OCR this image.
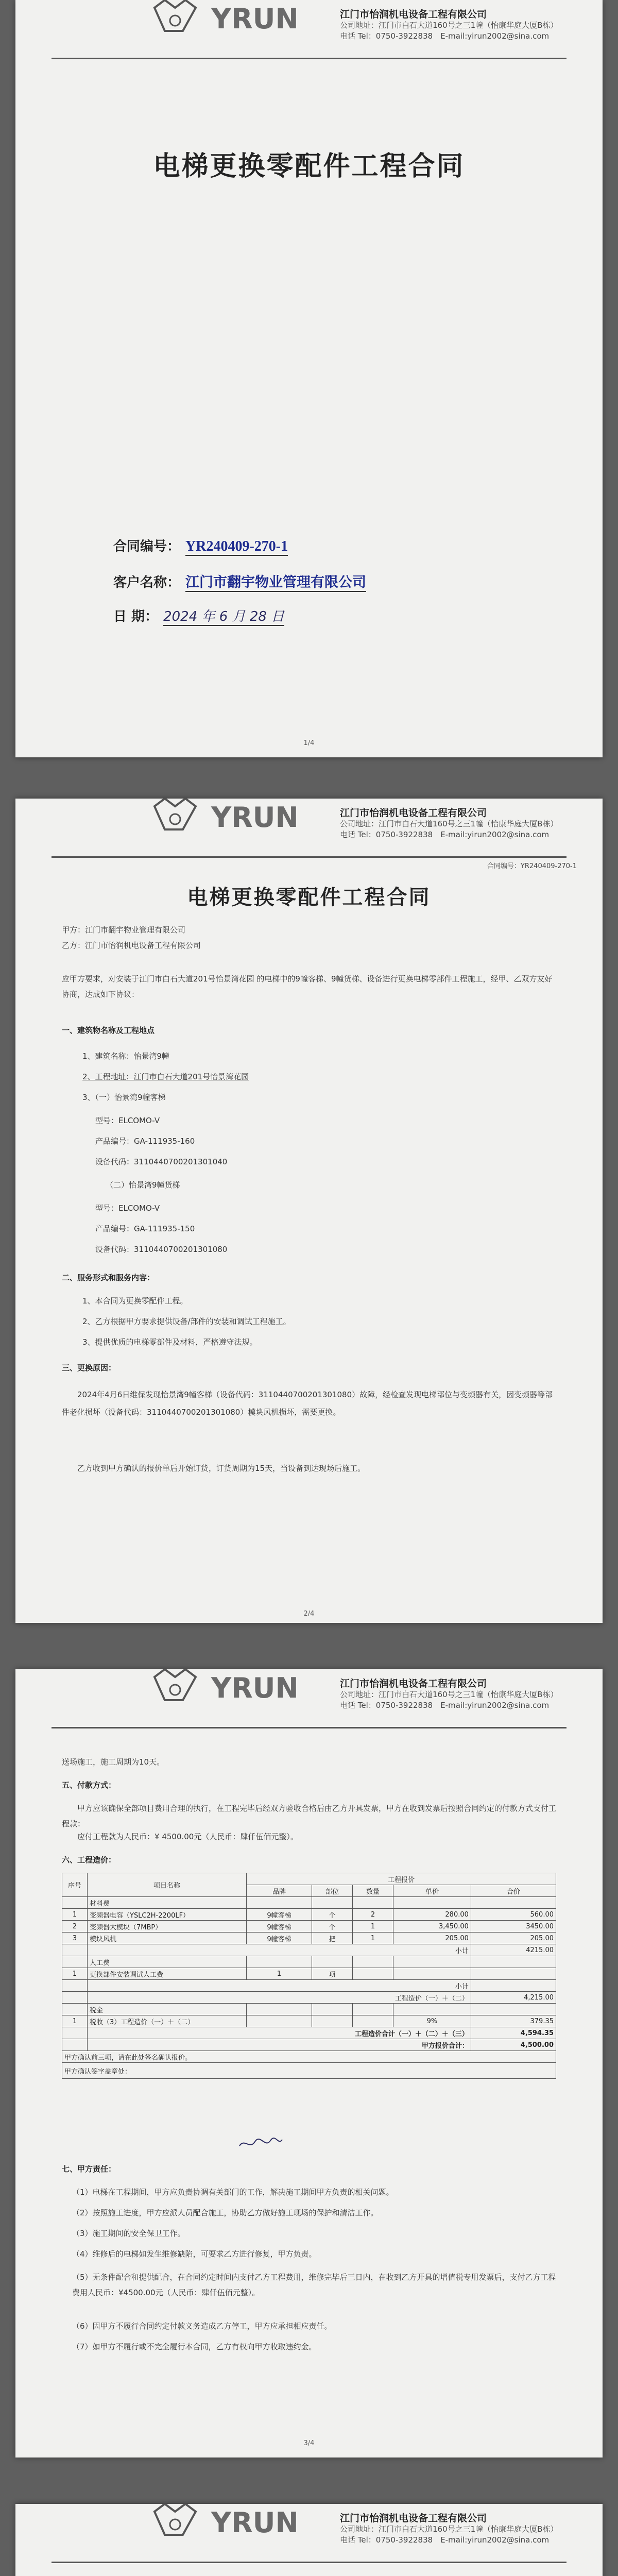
YRUN	江门市怡润机电设备工程有限公司
公司地址：江门市白石大道160号之三1幢（怡康华庭大厦B栋）
电话 Tel：0750-3922838　 E-mail:yirun2002@sina.com
电梯更换零配件工程合同
合同编号： YR240409-270-1
客户名称： 江门市翻宇物业管理有限公司
日 期： 2024 年 6 月 28 日
1/4
YRUN	江门市怡润机电设备工程有限公司
公司地址：江门市白石大道160号之三1幢（怡康华庭大厦B栋）
电话 Tel：0750-3922838　 E-mail:yirun2002@sina.com
合同编号：YR240409-270-1
电梯更换零配件工程合同
甲方：江门市翻宇物业管理有限公司
乙方：江门市怡润机电设备工程有限公司
应甲方要求，对安装于江门市白石大道201号怡景湾花园 的电梯中的9幢客梯、9幢货梯、设备进行更换电梯零部件工程施工，经甲、乙双方友好协商，达成如下协议：
一、建筑物名称及工程地点
1、建筑名称：怡景湾9幢
2、工程地址：江门市白石大道201号怡景湾花园
3、（一）怡景湾9幢客梯
型号：ELCOMO-V
产品编号：GA-111935-160
设备代码：3110440700201301040
（二）怡景湾9幢货梯
型号：ELCOMO-V
产品编号：GA-111935-150
设备代码：3110440700201301080
二、服务形式和服务内容：
1、本合同为更换零配件工程。
2、乙方根据甲方要求提供设备/部件的安装和调试工程施工。
3、提供优质的电梯零部件及材料，严格遵守法规。
三、更换原因：
2024年4月6日维保发现怡景湾9幢客梯（设备代码：3110440700201301080）故障，经检查发现电梯部位与变频器有关，因变频器等部件老化损坏（设备代码：3110440700201301080）模块风机损坏，需要更换。
乙方收到甲方确认的报价单后开始订货，订货周期为15天，当设备到达现场后施工。
2/4
YRUN	江门市怡润机电设备工程有限公司
公司地址：江门市白石大道160号之三1幢（怡康华庭大厦B栋）
电话 Tel：0750-3922838　 E-mail:yirun2002@sina.com
送场施工，施工周期为10天。
五、付款方式：
甲方应该确保全部项目费用合理的执行，在工程完毕后经双方验收合格后由乙方开具发票，甲方在收到发票后按照合同约定的付款方式支付工程款：
应付工程款为人民币：¥ 4500.00元（人民币：肆仟伍佰元整）。
六、工程造价：
序号	项目名称	工程报价				
		品牌	部位	数量	单价	合价
	材料费					
1	变频器电容（YSLC2H-2200LF）	9幢客梯	个	2	280.00	560.00
2	变频器大模块（7MBP）	9幢客梯	个	1	3,450.00	3450.00
3	模块风机	9幢客梯	把	1	205.00	205.00
	小计					4215.00
	人工费					
1	更换部件安装调试人工费	1	项			
	小计					
	工程造价（一）＋（二）					4,215.00
	税金					
1	税收（3）工程造价（一）＋（二）				9%	379.35
	工程造价合计（一）＋（二）＋（三）					4,594.35
	甲方报价合计：					4,500.00
甲方确认前三项，请在此处签名确认报价。						
甲方确认签字盖章处：						
七、甲方责任：
（1）电梯在工程期间，甲方应负责协调有关部门的工作，解决施工期间甲方负责的相关问题。
（2）按照施工进度，甲方应派人员配合施工，协助乙方做好施工现场的保护和清洁工作。
（3）施工期间的安全保卫工作。
（4）维修后的电梯如发生维修缺陷，可要求乙方进行修复，甲方负责。
（5）无条件配合和提供配合，在合同约定时间内支付乙方工程费用，维修完毕后三日内，在收到乙方开具的增值税专用发票后，支付乙方工程费用人民币：¥4500.00元（人民币：肆仟伍佰元整）。
（6）因甲方不履行合同约定付款义务造成乙方停工，甲方应承担相应责任。
（7）如甲方不履行或不完全履行本合同，乙方有权向甲方收取违约金。
3/4
YRUN	江门市怡润机电设备工程有限公司
公司地址：江门市白石大道160号之三1幢（怡康华庭大厦B栋）
电话 Tel：0750-3922838　 E-mail:yirun2002@sina.com
